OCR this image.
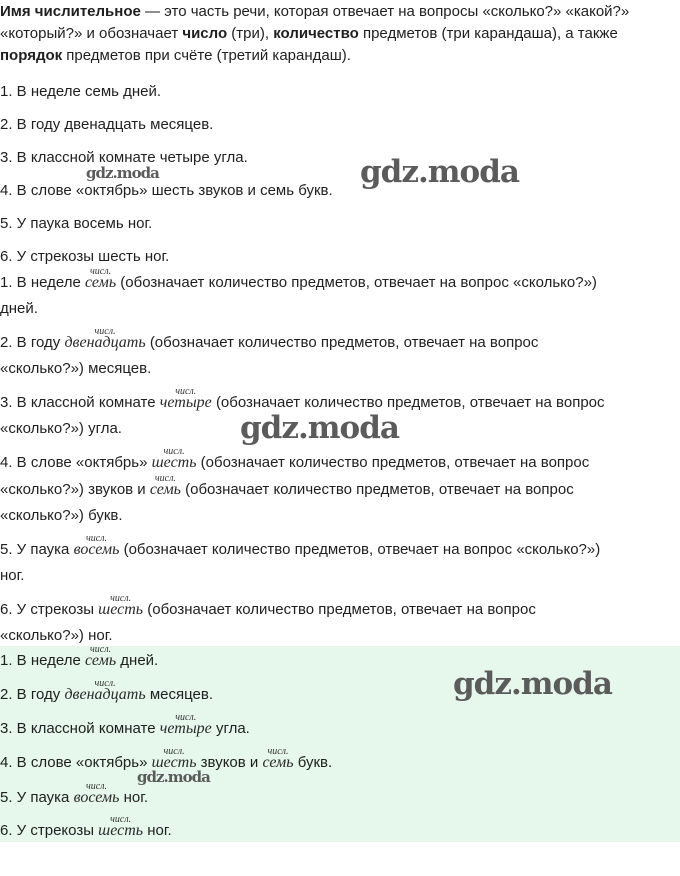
Имя числительное — это часть речи, которая отвечает на вопросы «сколько?» «какой?» «который?» и обозначает число (три), количество предметов (три карандаша), а также порядок предметов при счёте (третий карандаш).
1. В неделе семь дней.
2. В году двенадцать месяцев.
3. В классной комнате четыре угла.
4. В слове «октябрь» шесть звуков и семь букв.
5. У паука восемь ног.
6. У стрекозы шесть ног.
1. В неделе
числ.
семь (обозначает количество предметов, отвечает на вопрос «сколько?»)
дней.
2. В году
числ.
двенадцать (обозначает количество предметов, отвечает на вопрос
«сколько?») месяцев.
3. В классной комнате
числ.
четыре (обозначает количество предметов, отвечает на вопрос
«сколько?») угла.
4. В слове «октябрь»
числ.
шесть (обозначает количество предметов, отвечает на вопрос
«сколько?») звуков и
числ.
семь (обозначает количество предметов, отвечает на вопрос
«сколько?») букв.
5. У паука
числ.
восемь (обозначает количество предметов, отвечает на вопрос «сколько?»)
ног.
6. У стрекозы
числ.
шесть (обозначает количество предметов, отвечает на вопрос
«сколько?») ног.
1. В неделе
числ.
семь дней.
2. В году
числ.
двенадцать месяцев.
3. В классной комнате
числ.
четыре угла.
4. В слове «октябрь»
числ.
шесть звуков и
числ.
семь букв.
5. У паука
числ.
восемь ног.
6. У стрекозы
числ.
шесть ног.
gdz.moda	gdz.moda
gdz.moda
gdz.moda
gdz.moda
